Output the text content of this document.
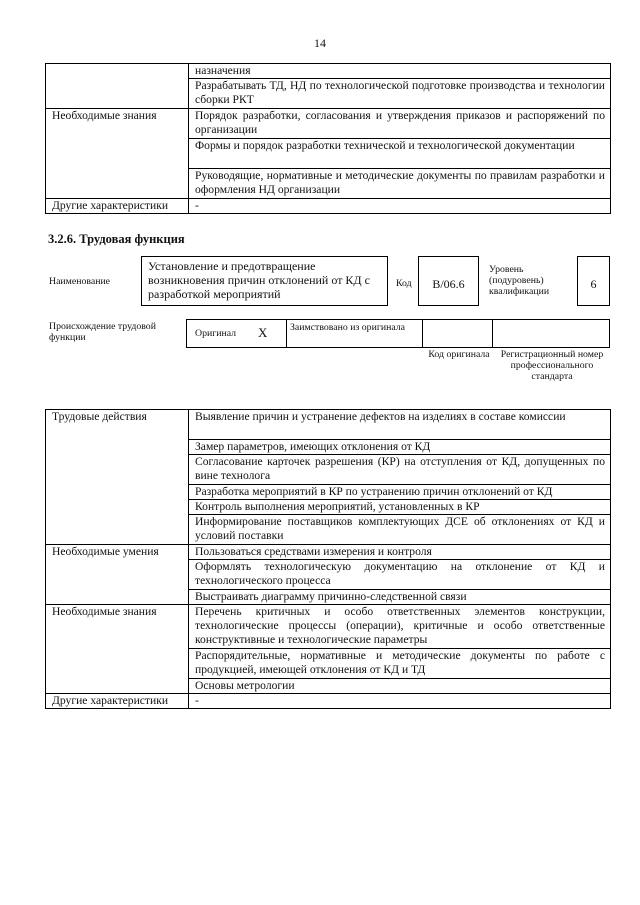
14
	назначения
	Разрабатывать ТД, НД по технологической подготовке производства и технологии сборки РКТ
Необходимые знания	Порядок разработки, согласования и утверждения приказов и распоряжений по организации
	Формы и порядок разработки технической и технологической документации
	Руководящие, нормативные и методические документы по правилам разработки и оформления НД организации
Другие характеристики	-
3.2.6. Трудовая функция
Наименование
Установление и предотвращение возникновения причин отклонений от КД с разработкой мероприятий
Код	B/06.6
Уровень (подуровень) квалификации
6
Происхождение трудовой функции	Оригинал X Заимствовано из оригинала
Код оригинала	Регистрационный номер профессионального стандарта
Трудовые действия	Выявление причин и устранение дефектов на изделиях в составе комиссии
	Замер параметров, имеющих отклонения от КД
	Согласование карточек разрешения (КР) на отступления от КД, допущенных по вине технолога
	Разработка мероприятий в КР по устранению причин отклонений от КД
	Контроль выполнения мероприятий, установленных в КР
	Информирование поставщиков комплектующих ДСЕ об отклонениях от КД и условий поставки
Необходимые умения	Пользоваться средствами измерения и контроля
	Оформлять технологическую документацию на отклонение от КД и технологического процесса
	Выстраивать диаграмму причинно-следственной связи
Необходимые знания	Перечень критичных и особо ответственных элементов конструкции, технологические процессы (операции), критичные и особо ответственные конструктивные и технологические параметры
	Распорядительные, нормативные и методические документы по работе с продукцией, имеющей отклонения от КД и ТД
	Основы метрологии
Другие характеристики	-
